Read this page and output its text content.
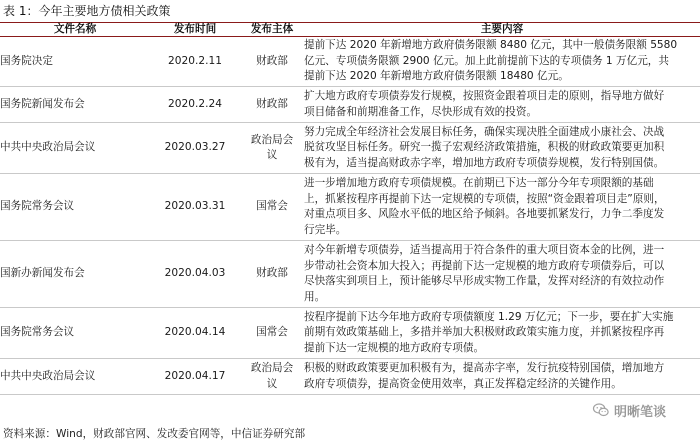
表 1：今年主要地方债相关政策
文件名称	发布时间	发布主体	主要内容
国务院决定	2020.2.11	财政部	提前下达 2020 年新增地方政府债务限额 8480 亿元，其中一般债务限额 5580
亿元、专项债务限额 2900 亿元。加上此前提前下达的专项债务 1 万亿元，共
提前下达 2020 年新增地方政府债务限额 18480 亿元。
国务院新闻发布会	2020.2.24	财政部	扩大地方政府专项债券发行规模，按照资金跟着项目走的原则，指导地方做好
项目储备和前期准备工作，尽快形成有效的投资。
中共中央政治局会议	2020.03.27	政治局会议	努力完成全年经济社会发展目标任务，确保实现决胜全面建成小康社会、决战
脱贫攻坚目标任务。研究一揽子宏观经济政策措施，积极的财政政策要更加积
极有为，适当提高财政赤字率，增加地方政府专项债券规模，发行特别国债。
国务院常务会议	2020.03.31	国常会	进一步增加地方政府专项债规模。在前期已下达一部分今年专项限额的基础
上，抓紧按程序再提前下达一定规模的专项债，按照“资金跟着项目走”原则，
对重点项目多、风险水平低的地区给予倾斜。各地要抓紧发行，力争二季度发
行完毕。
国新办新闻发布会	2020.04.03	财政部	对今年新增专项债券，适当提高用于符合条件的重大项目资本金的比例，进一
步带动社会资本加大投入；再提前下达一定规模的地方政府专项债券后，可以
尽快落实到项目上，预计能够尽早形成实物工作量，发挥对经济的有效拉动作
用。
国务院常务会议	2020.04.14	国常会	按程序提前下达今年地方政府专项债额度 1.29 万亿元；下一步，要在扩大实施
前期有效政策基础上，多措并举加大积极财政政策实施力度，并抓紧按程序再
提前下达一定规模的地方政府专项债。
中共中央政治局会议	2020.04.17	政治局会议	积极的财政政策要更加积极有为，提高赤字率，发行抗疫特别国债，增加地方
政府专项债券，提高资金使用效率，真正发挥稳定经济的关键作用。
明晰笔谈
资料来源：Wind，财政部官网、发改委官网等，中信证券研究部
